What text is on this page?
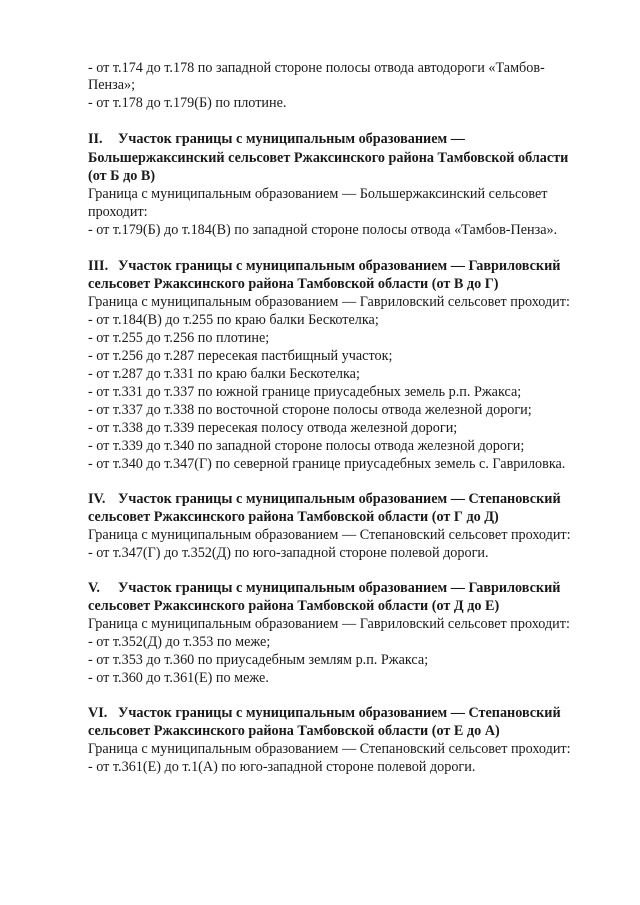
- от т.174 до т.178 по западной стороне полосы отвода автодороги «Тамбов-
Пенза»;
- от т.178 до т.179(Б) по плотине.
II. Участок границы с муниципальным образованием —
Большержаксинский сельсовет Ржаксинского района Тамбовской области
(от Б до В)
Граница с муниципальным образованием — Большержаксинский сельсовет
проходит:
- от т.179(Б) до т.184(В) по западной стороне полосы отвода «Тамбов-Пенза».
III. Участок границы с муниципальным образованием — Гавриловский
сельсовет Ржаксинского района Тамбовской области (от В до Г)
Граница с муниципальным образованием — Гавриловский сельсовет проходит:
- от т.184(В) до т.255 по краю балки Бескотелка;
- от т.255 до т.256 по плотине;
- от т.256 до т.287 пересекая пастбищный участок;
- от т.287 до т.331 по краю балки Бескотелка;
- от т.331 до т.337 по южной границе приусадебных земель р.п. Ржакса;
- от т.337 до т.338 по восточной стороне полосы отвода железной дороги;
- от т.338 до т.339 пересекая полосу отвода железной дороги;
- от т.339 до т.340 по западной стороне полосы отвода железной дороги;
- от т.340 до т.347(Г) по северной границе приусадебных земель с. Гавриловка.
IV. Участок границы с муниципальным образованием — Степановский
сельсовет Ржаксинского района Тамбовской области (от Г до Д)
Граница с муниципальным образованием — Степановский сельсовет проходит:
- от т.347(Г) до т.352(Д) по юго-западной стороне полевой дороги.
V. Участок границы с муниципальным образованием — Гавриловский
сельсовет Ржаксинского района Тамбовской области (от Д до Е)
Граница с муниципальным образованием — Гавриловский сельсовет проходит:
- от т.352(Д) до т.353 по меже;
- от т.353 до т.360 по приусадебным землям р.п. Ржакса;
- от т.360 до т.361(Е) по меже.
VI. Участок границы с муниципальным образованием — Степановский
сельсовет Ржаксинского района Тамбовской области (от Е до А)
Граница с муниципальным образованием — Степановский сельсовет проходит:
- от т.361(Е) до т.1(А) по юго-западной стороне полевой дороги.
